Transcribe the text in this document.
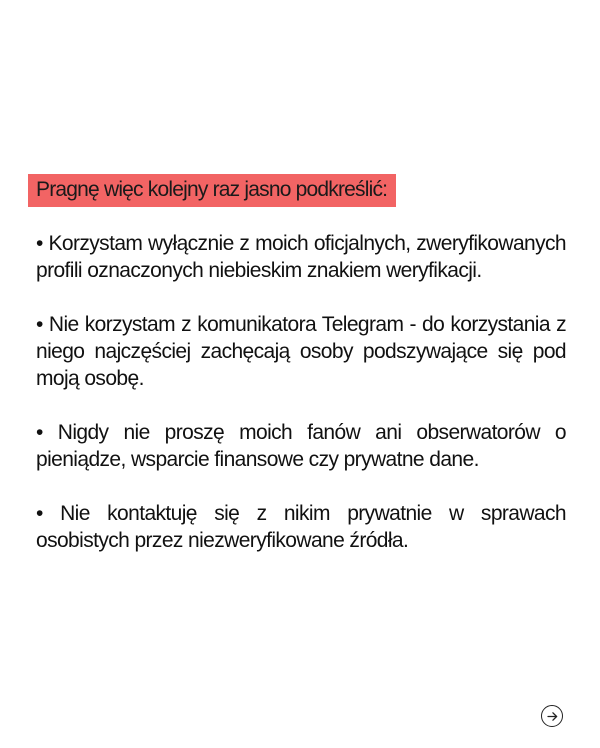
Pragnę więc kolejny raz jasno podkreślić:

• Korzystam wyłącznie z moich oficjalnych, zweryfikowanych profili oznaczonych niebieskim znakiem weryfikacji.

• Nie korzystam z komunikatora Telegram - do korzystania z niego najczęściej zachęcają osoby podszywające się pod moją osobę.

• Nigdy nie proszę moich fanów ani obserwatorów o pieniądze, wsparcie finansowe czy prywatne dane.

• Nie kontaktuję się z nikim prywatnie w sprawach osobistych przez niezweryfikowane źródła.
